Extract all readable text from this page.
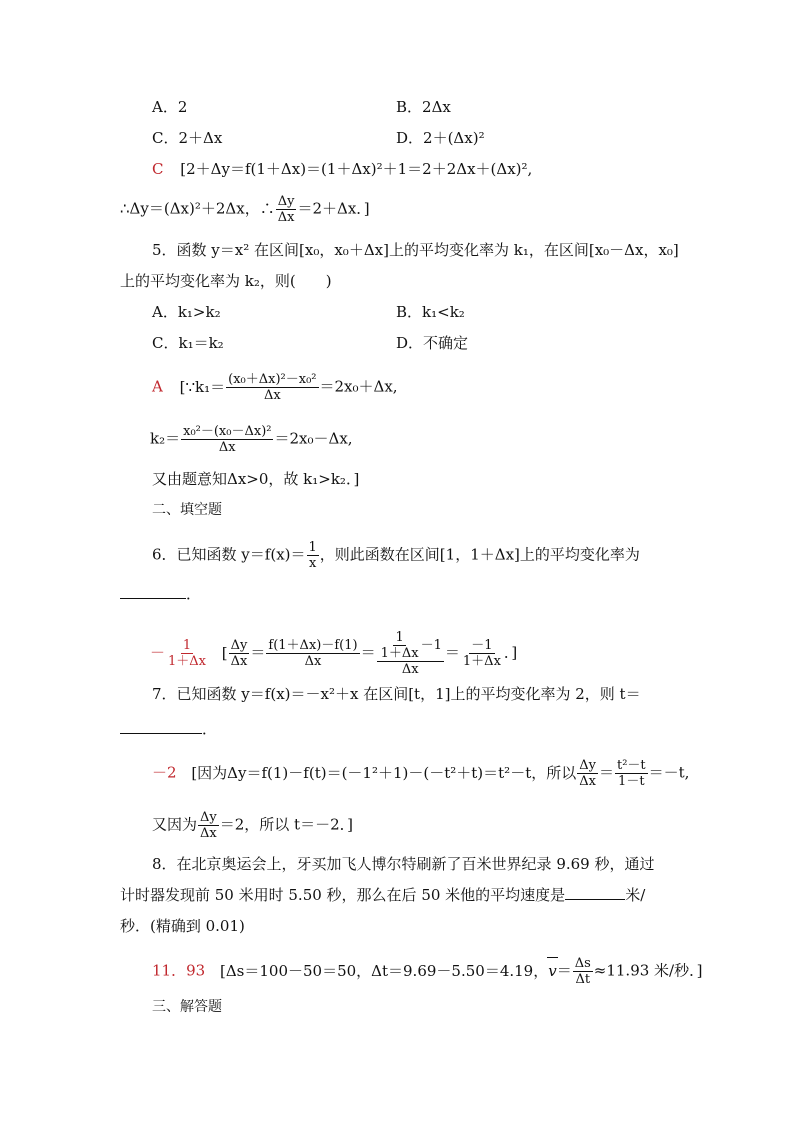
A．2	B．2Δx
C．2＋Δx	D．2＋(Δx)²
C [2＋Δy＝f(1＋Δx)＝(1＋Δx)²＋1＝2＋2Δx＋(Δx)²,
∴Δy＝(Δx)²＋2Δx，∴ $\frac{\Delta y}{\Delta x} =2+\Delta x$．]
5．函数 y＝x² 在区间[x₀，x₀＋Δx]上的平均变化率为 k₁，在区间[x₀－Δx，x₀]
上的平均变化率为 k₂，则(　　)
A．k₁>k₂	B．k₁<k₂
C．k₁＝k₂	D．不确定
A [∵k₁＝ $\frac{\text{(x₀＋Δx)²－x₀²}}{\Delta x} =2x_0+\Delta x$,
$k_2= \frac{\text{x₀²－(x₀－Δx)²}}{\Delta x} =2x_0-\Delta x$,
又由题意知Δx>0，故 k₁>k₂．]
二、填空题
6．已知函数 $y=f(x)= \frac{1}{x}$ ，则此函数在区间[1，1＋Δx]上的平均变化率为
．
－ $\frac{1}{1+\Delta x}$ [ $\frac{\Delta y}{\Delta x} = \frac{f(1+\Delta x)-f(1)}{\Delta x} = 1$
1＋Δx
－1
$\Delta x = \frac{-1}{1+\Delta x}$ ．]
7．已知函数 y＝f(x)＝－x²＋x 在区间[t，1]上的平均变化率为 2，则 t＝
．
－2 [因为Δy＝f(1)－f(t)＝(－1²＋1)－(－t²＋t)＝t²－t，所以 $\frac{\Delta y}{\Delta x} = \frac{\text{t²－t}}{1-t} =-t$,
又因为 $\frac{\Delta y}{\Delta x} =2$，所以 t＝－2．]
8．在北京奥运会上，牙买加飞人博尔特刷新了百米世界纪录 9.69 秒，通过
计时器发现前 50 米用时 5.50 秒，那么在后 50 米他的平均速度是	米/
秒．(精确到 0.01)
11．93 [Δs＝100－50＝50，Δt＝9.69－5.50＝4.19，$v= \frac{\Delta s}{\Delta t} \approx 11.93$ 米/秒．]
三、解答题
